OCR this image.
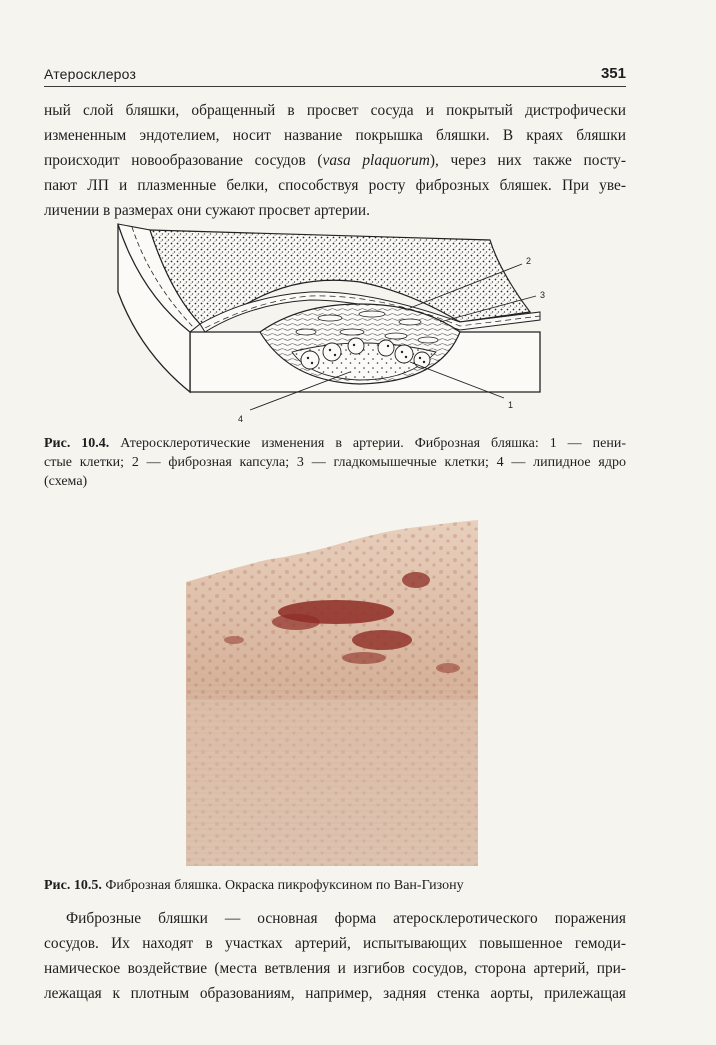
Атеросклероз	351
ный слой бляшки, обращенный в просвет сосуда и покрытый дистрофически
измененным эндотелием, носит название покрышка бляшки. В краях бляшки
происходит новообразование сосудов (vasa plaquorum), через них также посту-
пают ЛП и плазменные белки, способствуя росту фиброзных бляшек. При уве-
личении в размерах они сужают просвет артерии.
2
3
1
4
Рис. 10.4. Атеросклеротические изменения в артерии. Фиброзная бляшка: 1 — пени-
стые клетки; 2 — фиброзная капсула; 3 — гладкомышечные клетки; 4 — липидное ядро
(схема)
Рис. 10.5. Фиброзная бляшка. Окраска пикрофуксином по Ван-Гизону
Фиброзные бляшки — основная форма атеросклеротического поражения
сосудов. Их находят в участках артерий, испытывающих повышенное гемоди-
намическое воздействие (места ветвления и изгибов сосудов, сторона артерий, при-
лежащая к плотным образованиям, например, задняя стенка аорты, прилежащая
